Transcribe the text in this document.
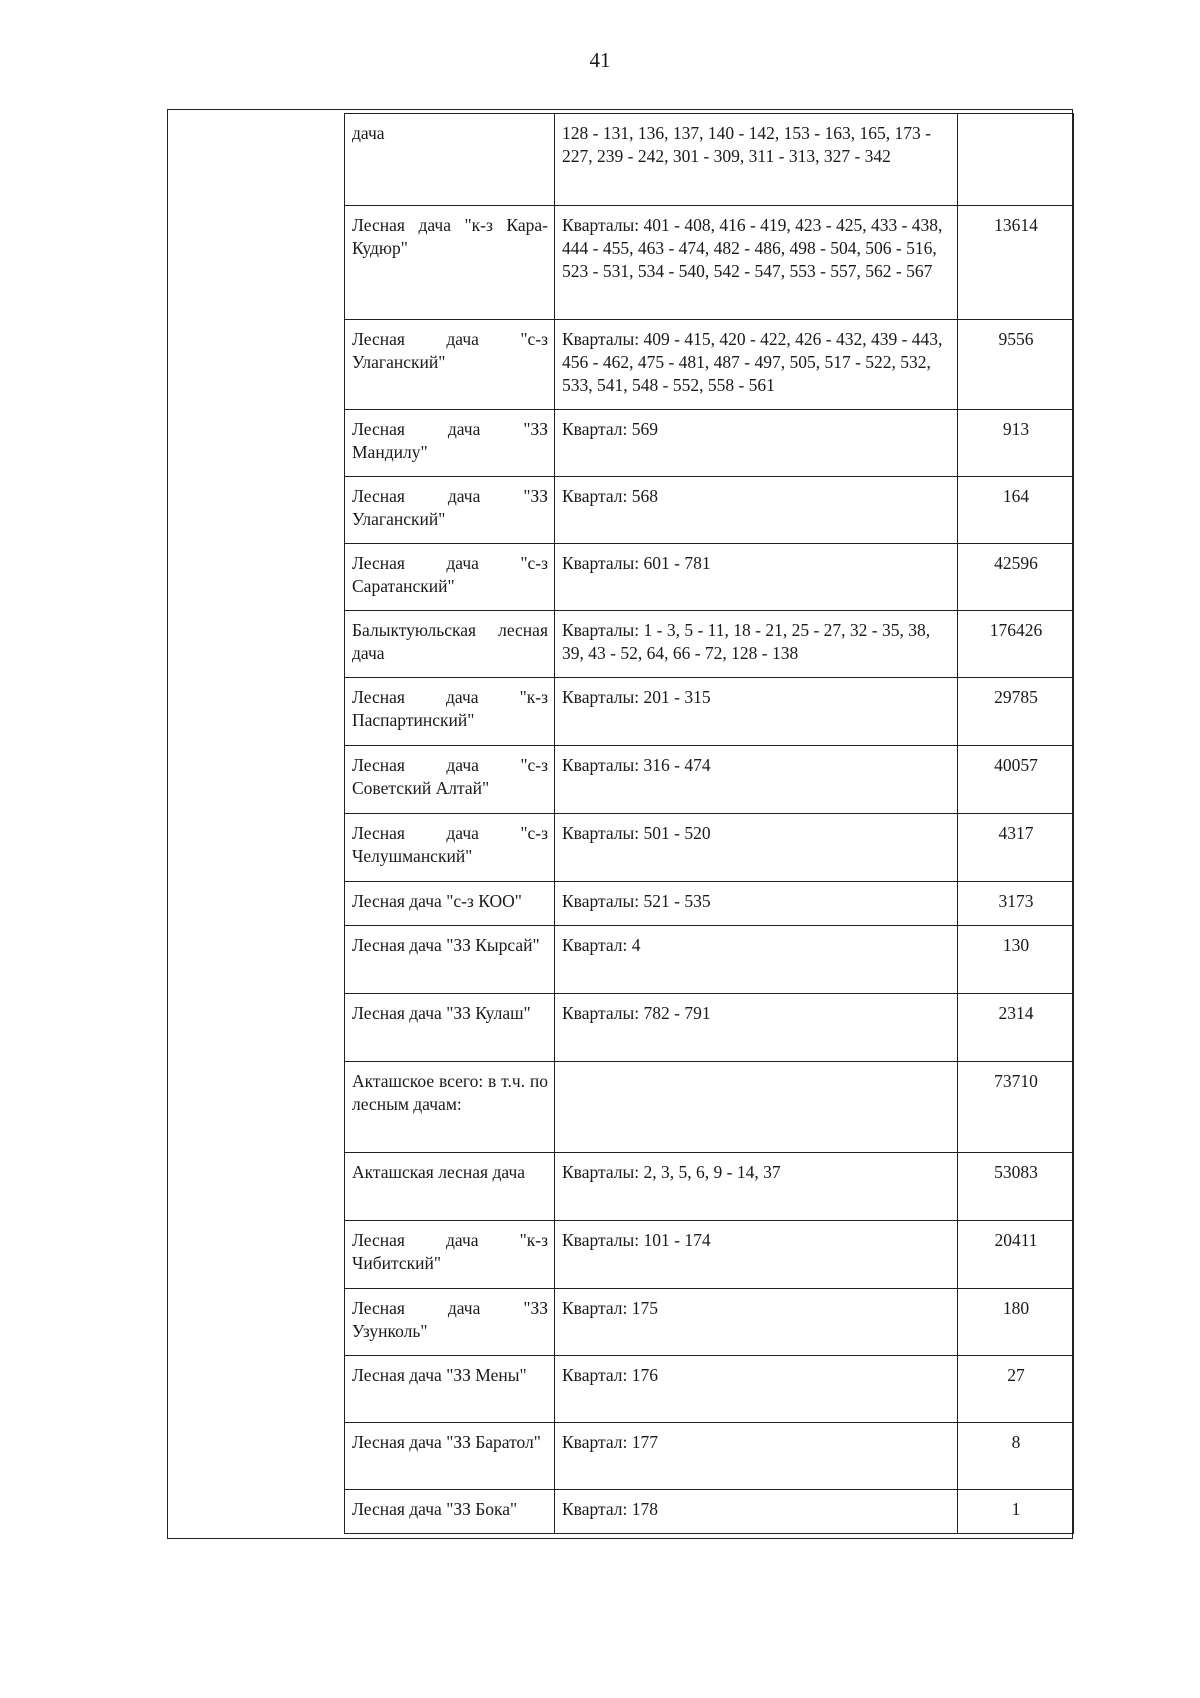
41
дача	128 - 131, 136, 137, 140 - 142, 153 - 163, 165, 173 - 227, 239 - 242, 301 - 309, 311 - 313, 327 - 342	
Лесная дача "к-з Кара-Кудюр"	Кварталы: 401 - 408, 416 - 419, 423 - 425, 433 - 438, 444 - 455, 463 - 474, 482 - 486, 498 - 504, 506 - 516, 523 - 531, 534 - 540, 542 - 547, 553 - 557, 562 - 567	13614
Лесная дача "с-з Улаганский"	Кварталы: 409 - 415, 420 - 422, 426 - 432, 439 - 443, 456 - 462, 475 - 481, 487 - 497, 505, 517 - 522, 532, 533, 541, 548 - 552, 558 - 561	9556
Лесная дача "ЗЗ Мандилу"	Квартал: 569	913
Лесная дача "ЗЗ Улаганский"	Квартал: 568	164
Лесная дача "с-з Саратанский"	Кварталы: 601 - 781	42596
Балыктуюльская лесная дача	Кварталы: 1 - 3, 5 - 11, 18 - 21, 25 - 27, 32 - 35, 38, 39, 43 - 52, 64, 66 - 72, 128 - 138	176426
Лесная дача "к-з Паспартинский"	Кварталы: 201 - 315	29785
Лесная дача "с-з Советский Алтай"	Кварталы: 316 - 474	40057
Лесная дача "с-з Челушманский"	Кварталы: 501 - 520	4317
Лесная дача "с-з КОО"	Кварталы: 521 - 535	3173
Лесная дача "ЗЗ Кырсай"	Квартал: 4	130
Лесная дача "ЗЗ Кулаш"	Кварталы: 782 - 791	2314
Акташское всего: в т.ч. по лесным дачам:		73710
Акташская лесная дача	Кварталы: 2, 3, 5, 6, 9 - 14, 37	53083
Лесная дача "к-з Чибитский"	Кварталы: 101 - 174	20411
Лесная дача "ЗЗ Узунколь"	Квартал: 175	180
Лесная дача "ЗЗ Мены"	Квартал: 176	27
Лесная дача "ЗЗ Баратол"	Квартал: 177	8
Лесная дача "ЗЗ Бока"	Квартал: 178	1
